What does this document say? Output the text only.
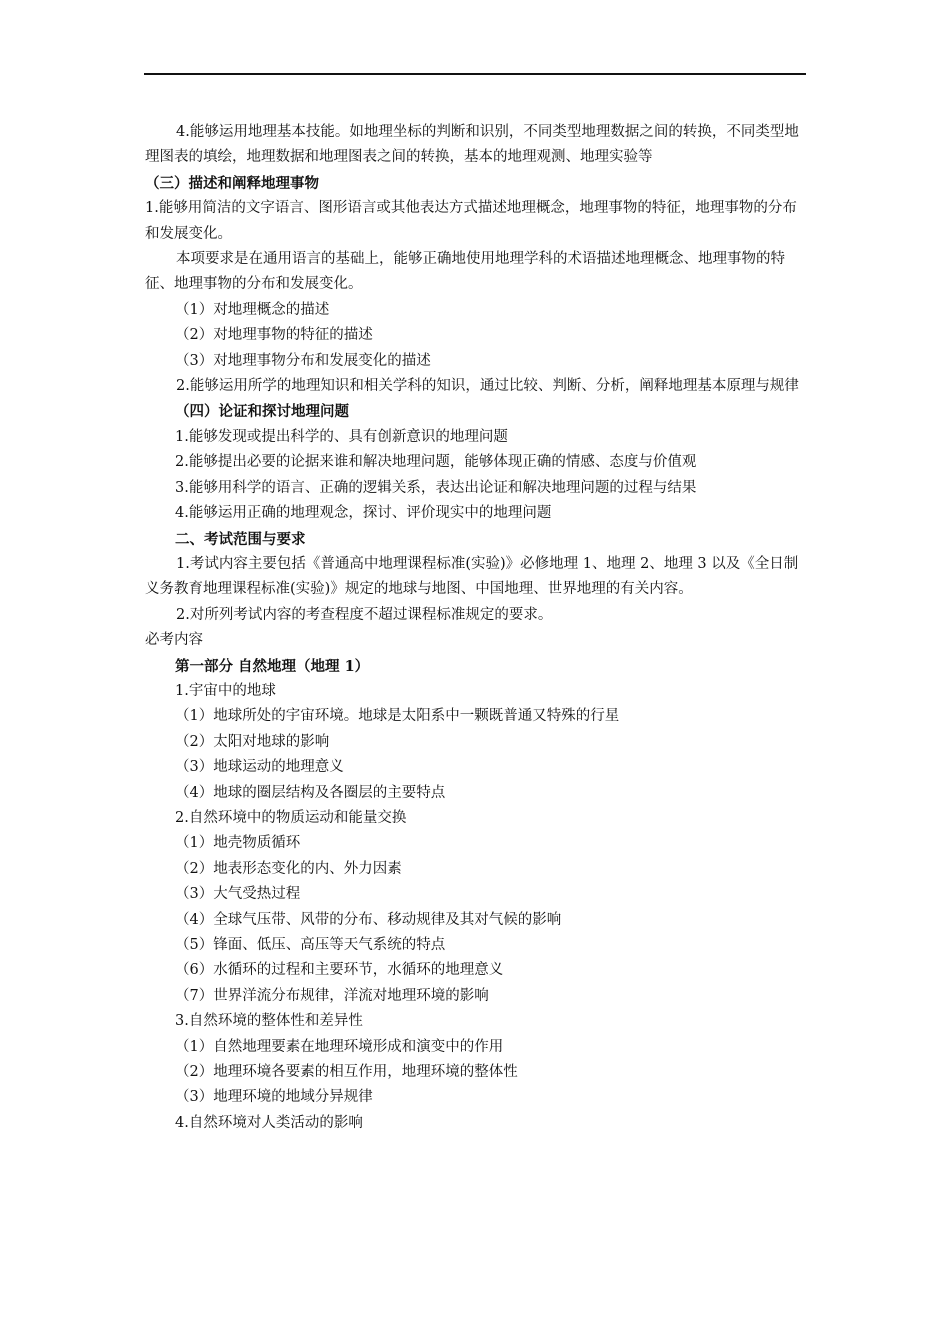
4.能够运用地理基本技能。如地理坐标的判断和识别，不同类型地理数据之间的转换，不同类型地理图表的填绘，地理数据和地理图表之间的转换，基本的地理观测、地理实验等

（三）描述和阐释地理事物

1.能够用简洁的文字语言、图形语言或其他表达方式描述地理概念，地理事物的特征，地理事物的分布和发展变化。

本项要求是在通用语言的基础上，能够正确地使用地理学科的术语描述地理概念、地理事物的特征、地理事物的分布和发展变化。

（1）对地理概念的描述

（2）对地理事物的特征的描述

（3）对地理事物分布和发展变化的描述

2.能够运用所学的地理知识和相关学科的知识，通过比较、判断、分析，阐释地理基本原理与规律

（四）论证和探讨地理问题

1.能够发现或提出科学的、具有创新意识的地理问题

2.能够提出必要的论据来谁和解决地理问题，能够体现正确的情感、态度与价值观

3.能够用科学的语言、正确的逻辑关系，表达出论证和解决地理问题的过程与结果

4.能够运用正确的地理观念，探讨、评价现实中的地理问题

二、考试范围与要求

1.考试内容主要包括《普通高中地理课程标准(实验)》必修地理 1、地理 2、地理 3 以及《全日制义务教育地理课程标准(实验)》规定的地球与地图、中国地理、世界地理的有关内容。

2.对所列考试内容的考查程度不超过课程标准规定的要求。

必考内容

第一部分 自然地理（地理 1）

1.宇宙中的地球

（1）地球所处的宇宙环境。地球是太阳系中一颗既普通又特殊的行星

（2）太阳对地球的影响

（3）地球运动的地理意义

（4）地球的圈层结构及各圈层的主要特点

2.自然环境中的物质运动和能量交换

（1）地壳物质循环

（2）地表形态变化的内、外力因素

（3）大气受热过程

（4）全球气压带、风带的分布、移动规律及其对气候的影响

（5）锋面、低压、高压等天气系统的特点

（6）水循环的过程和主要环节，水循环的地理意义

（7）世界洋流分布规律，洋流对地理环境的影响

3.自然环境的整体性和差异性

（1）自然地理要素在地理环境形成和演变中的作用

（2）地理环境各要素的相互作用，地理环境的整体性

（3）地理环境的地域分异规律

4.自然环境对人类活动的影响
